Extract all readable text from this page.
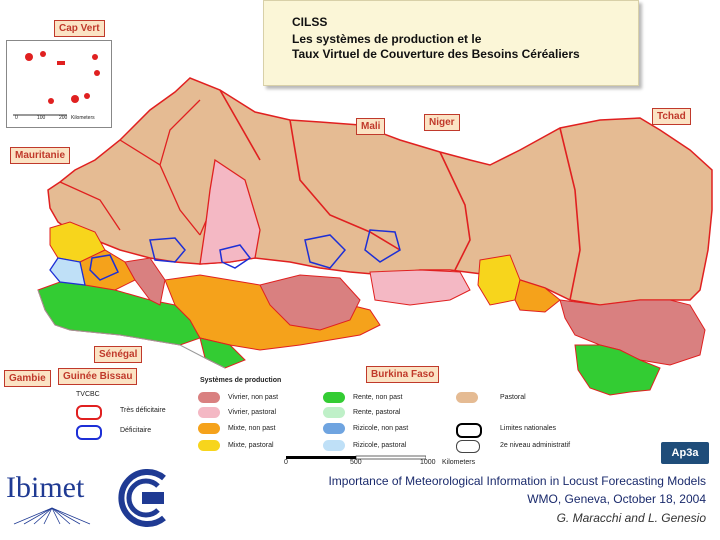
CILSS
Les systèmes de production et le
Taux Virtuel de Couverture des Besoins Céréaliers
0	100	200 Kilometers
Cap Vert
Mali	Niger
Tchad
Mauritanie
Sénégal
Gambie	Guinée Bissau	Burkina Faso
Systèmes de production
TVCBC
Très déficitaire
Déficitaire
Vivrier, non past
Vivrier, pastoral
Mixte, non past
Mixte, pastoral
Rente, non past
Rente, pastoral
Rizicole, non past
Rizicole, pastoral
Pastoral
Limites nationales
2e niveau administratif
0	500	1000 Kilometers
Ap3a
Ibimet	Importance of Meteorological Information in Locust Forecasting Models
WMO, Geneva, October 18, 2004
G. Maracchi and L. Genesio
